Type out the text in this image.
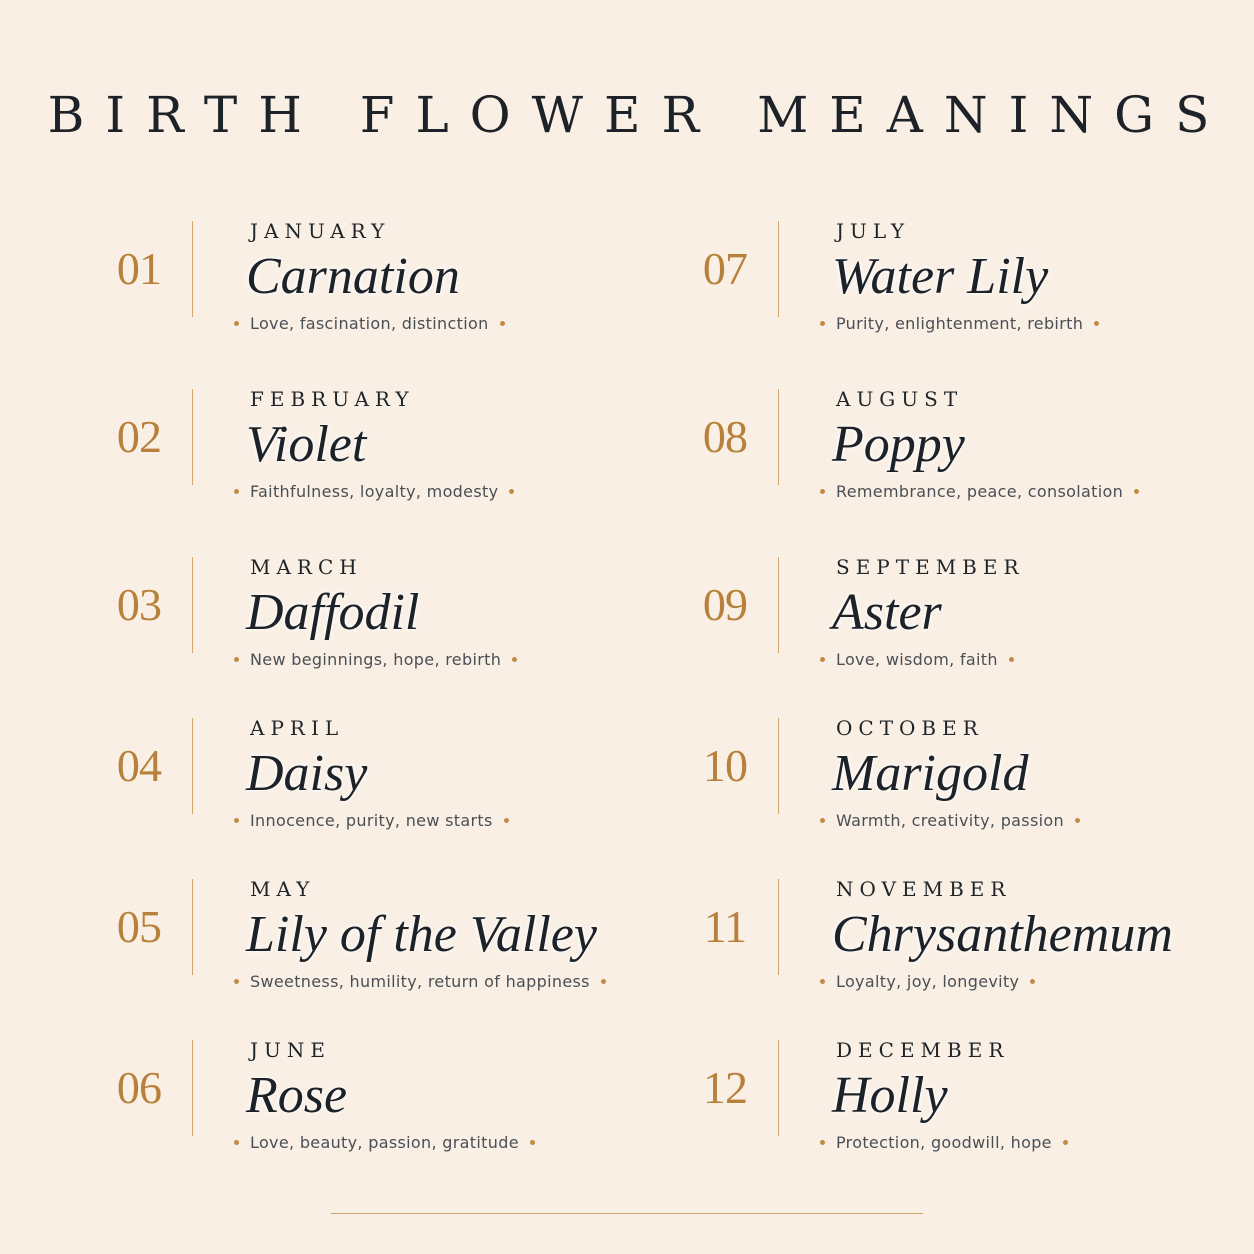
BIRTH FLOWER MEANINGS
01
JANUARY
Carnation
Love, fascination, distinction
02
FEBRUARY
Violet
Faithfulness, loyalty, modesty
03
MARCH
Daffodil
New beginnings, hope, rebirth
04
APRIL
Daisy
Innocence, purity, new starts
05
MAY
Lily of the Valley
Sweetness, humility, return of happiness
06
JUNE
Rose
Love, beauty, passion, gratitude
07
JULY
Water Lily
Purity, enlightenment, rebirth
08
AUGUST
Poppy
Remembrance, peace, consolation
09
SEPTEMBER
Aster
Love, wisdom, faith
10
OCTOBER
Marigold
Warmth, creativity, passion
11
NOVEMBER
Chrysanthemum
Loyalty, joy, longevity
12
DECEMBER
Holly
Protection, goodwill, hope
